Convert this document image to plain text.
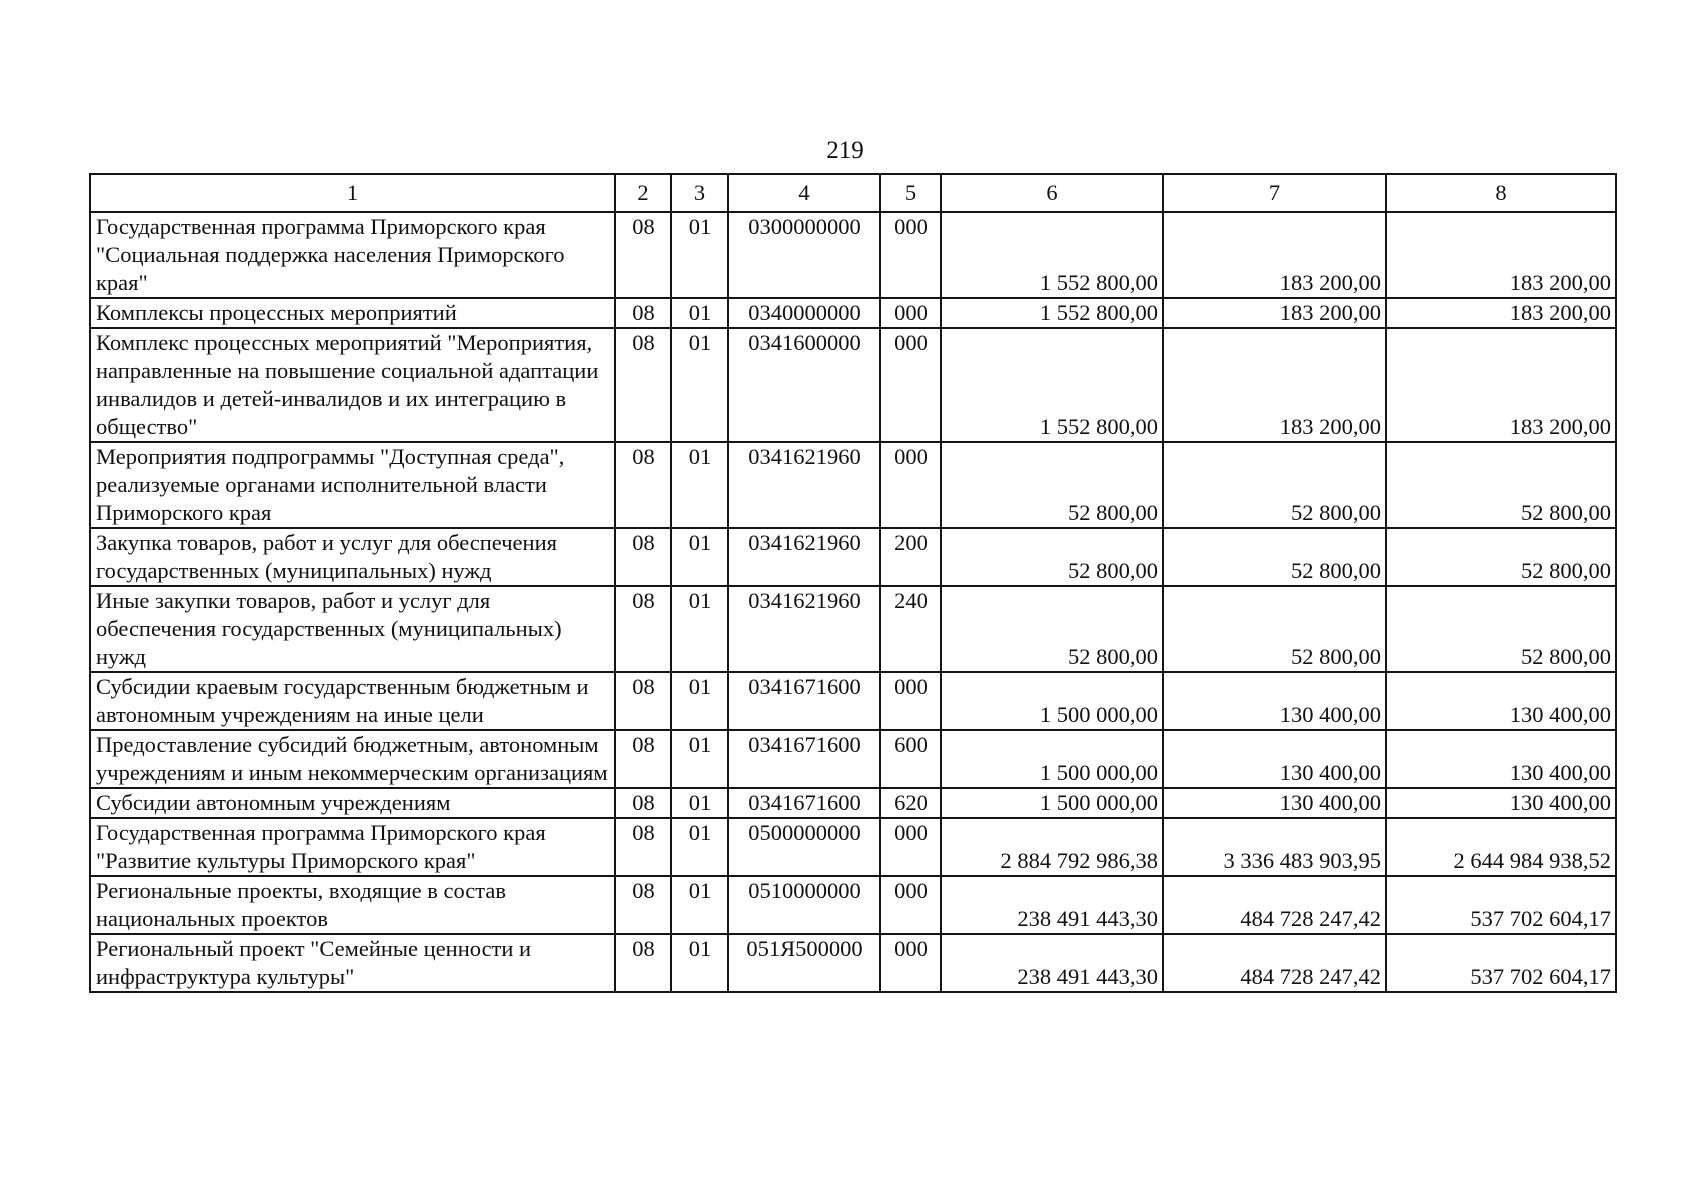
219
1	2	3	4	5	6	7	8
Государственная программа Приморского края "Социальная поддержка населения Приморского края"	08	01	0300000000	000	1 552 800,00	183 200,00	183 200,00
Комплексы процессных мероприятий	08	01	0340000000	000	1 552 800,00	183 200,00	183 200,00
Комплекс процессных мероприятий "Мероприятия, направленные на повышение социальной адаптации инвалидов и детей-инвалидов и их интеграцию в общество"	08	01	0341600000	000	1 552 800,00	183 200,00	183 200,00
Мероприятия подпрограммы "Доступная среда", реализуемые органами исполнительной власти Приморского края	08	01	0341621960	000	52 800,00	52 800,00	52 800,00
Закупка товаров, работ и услуг для обеспечения государственных (муниципальных) нужд	08	01	0341621960	200	52 800,00	52 800,00	52 800,00
Иные закупки товаров, работ и услуг для обеспечения государственных (муниципальных) нужд	08	01	0341621960	240	52 800,00	52 800,00	52 800,00
Субсидии краевым государственным бюджетным и автономным учреждениям на иные цели	08	01	0341671600	000	1 500 000,00	130 400,00	130 400,00
Предоставление субсидий бюджетным, автономным учреждениям и иным некоммерческим организациям	08	01	0341671600	600	1 500 000,00	130 400,00	130 400,00
Субсидии автономным учреждениям	08	01	0341671600	620	1 500 000,00	130 400,00	130 400,00
Государственная программа Приморского края "Развитие культуры Приморского края"	08	01	0500000000	000	2 884 792 986,38	3 336 483 903,95	2 644 984 938,52
Региональные проекты, входящие в состав национальных проектов	08	01	0510000000	000	238 491 443,30	484 728 247,42	537 702 604,17
Региональный проект "Семейные ценности и инфраструктура культуры"	08	01	051Я500000	000	238 491 443,30	484 728 247,42	537 702 604,17
